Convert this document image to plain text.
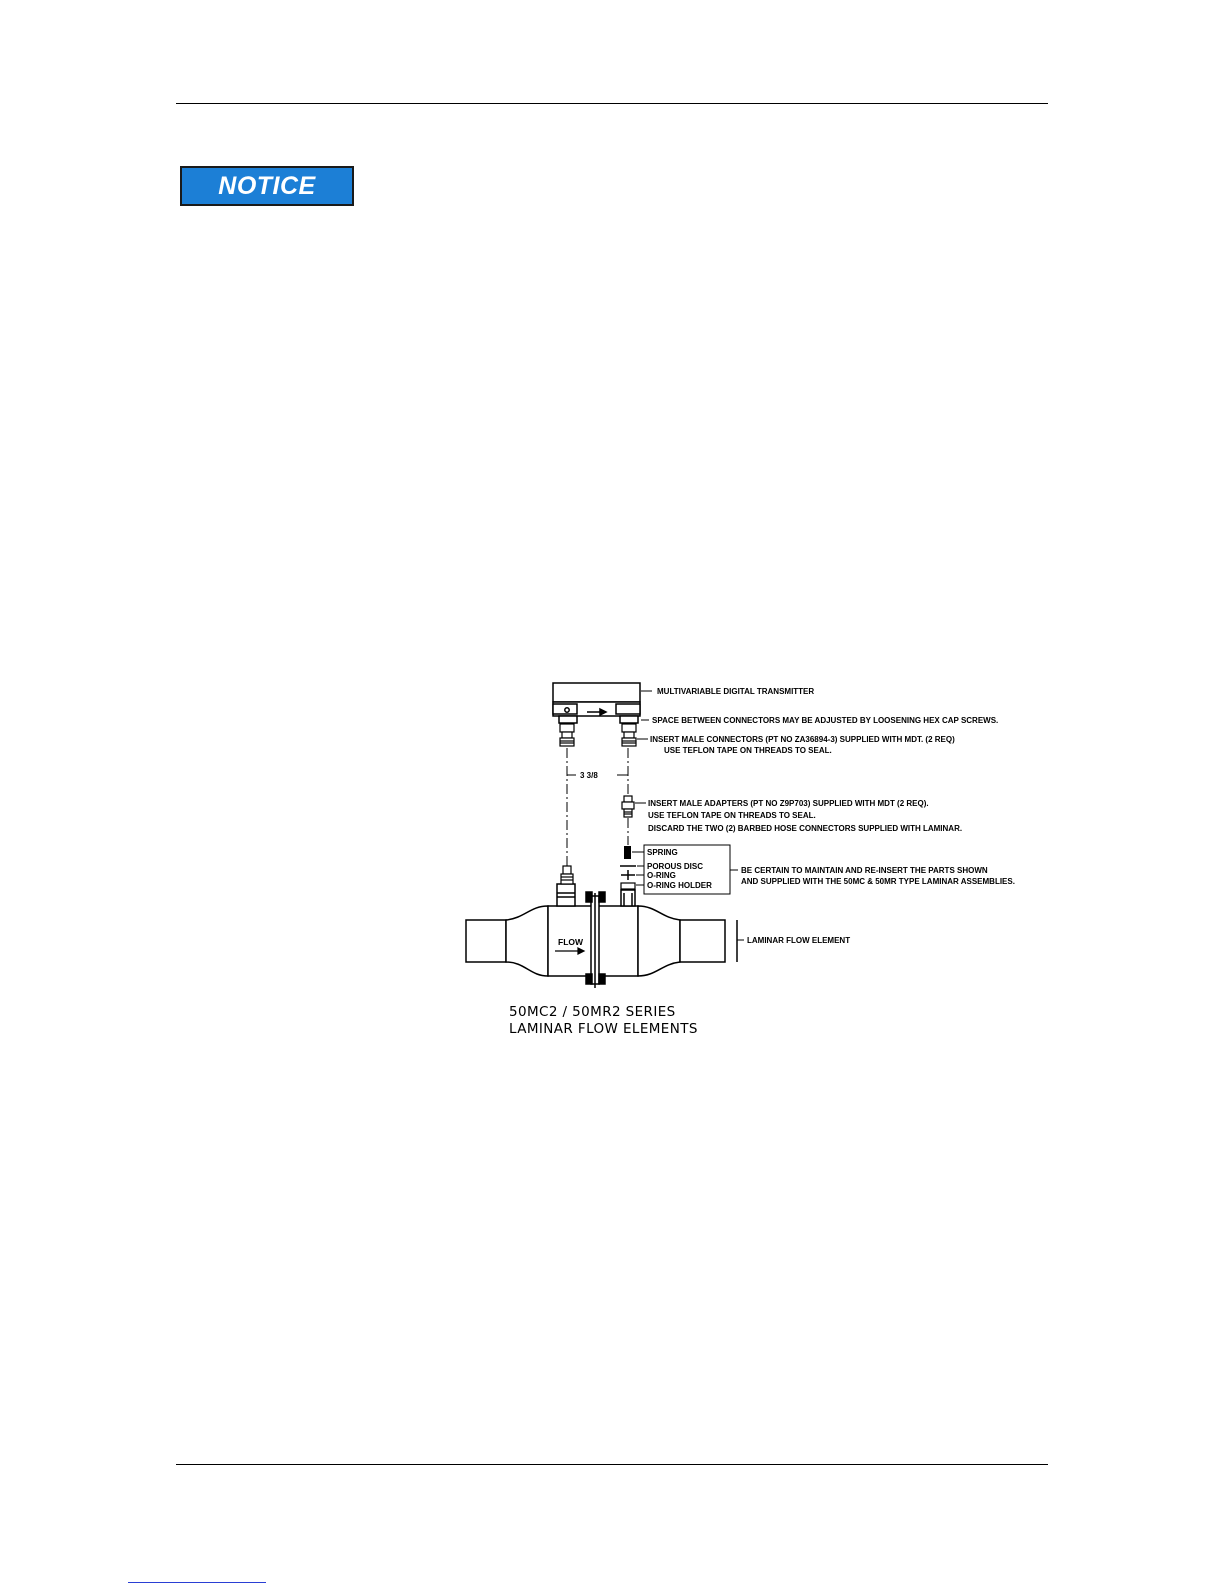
NOTICE
3 3/8
FLOW
MULTIVARIABLE DIGITAL TRANSMITTER
SPACE BETWEEN CONNECTORS MAY BE ADJUSTED BY LOOSENING HEX CAP SCREWS.
INSERT MALE CONNECTORS (PT NO ZA36894-3) SUPPLIED WITH MDT. (2 REQ)
USE TEFLON TAPE ON THREADS TO SEAL.
INSERT MALE ADAPTERS (PT NO Z9P703) SUPPLIED WITH MDT (2 REQ).
USE TEFLON TAPE ON THREADS TO SEAL.
DISCARD THE TWO (2) BARBED HOSE CONNECTORS SUPPLIED WITH LAMINAR.
SPRING
POROUS DISC
O-RING
O-RING HOLDER
BE CERTAIN TO MAINTAIN AND RE-INSERT THE PARTS SHOWN
AND SUPPLIED WITH THE 50MC & 50MR TYPE LAMINAR ASSEMBLIES.
LAMINAR FLOW ELEMENT
50MC2 / 50MR2 SERIES
LAMINAR FLOW ELEMENTS
